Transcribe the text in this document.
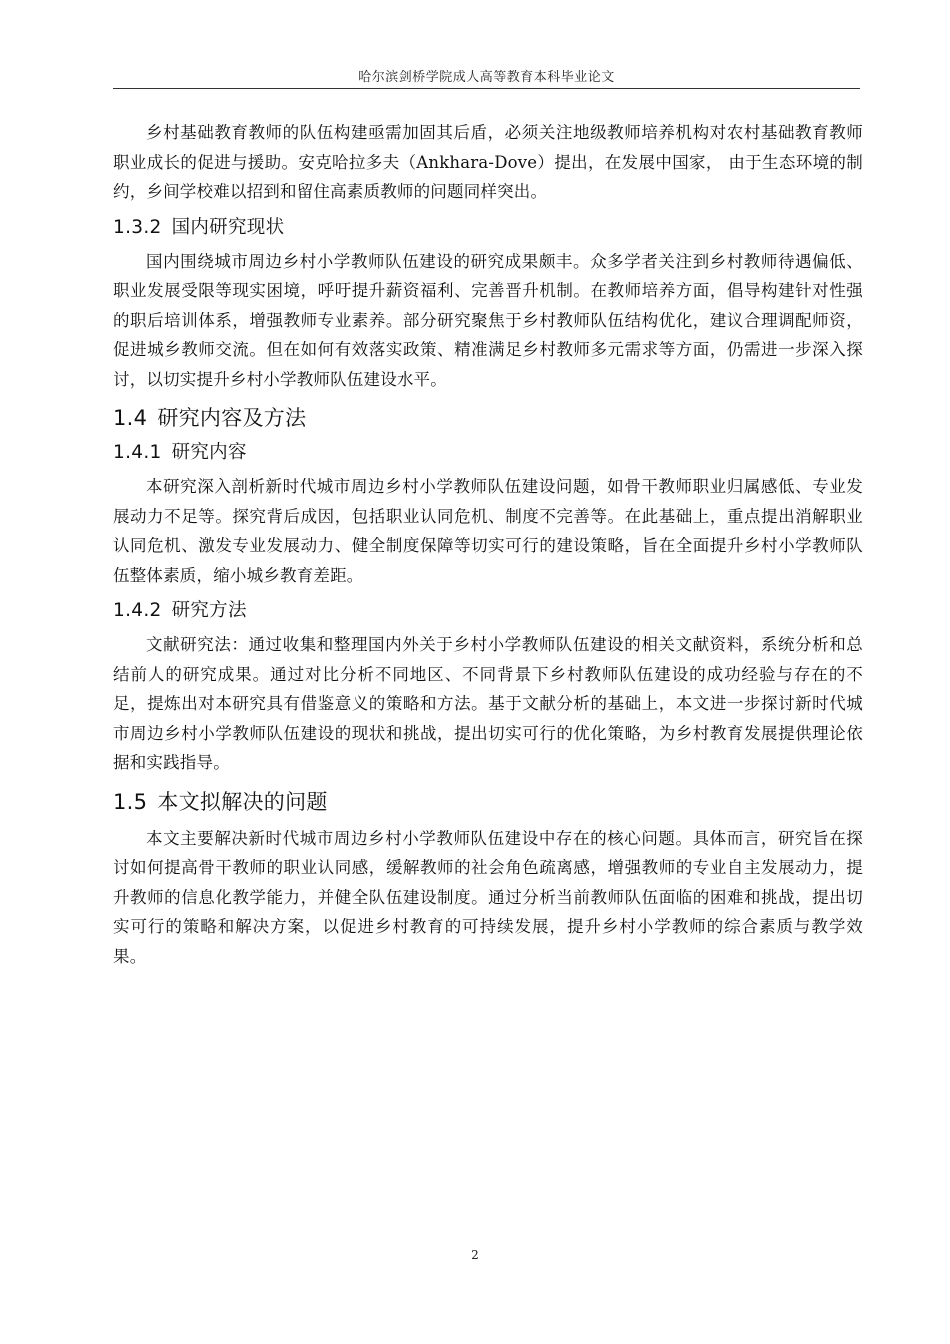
哈尔滨剑桥学院成人高等教育本科毕业论文

乡村基础教育教师的队伍构建亟需加固其后盾，必须关注地级教师培养机构对农村基础教育教师职业成长的促进与援助。安克哈拉多夫（Ankhara-Dove）提出，在发展中国家， 由于生态环境的制约，乡间学校难以招到和留住高素质教师的问题同样突出。

1.3.2 国内研究现状

国内围绕城市周边乡村小学教师队伍建设的研究成果颇丰。众多学者关注到乡村教师待遇偏低、职业发展受限等现实困境，呼吁提升薪资福利、完善晋升机制。在教师培养方面，倡导构建针对性强的职后培训体系，增强教师专业素养。部分研究聚焦于乡村教师队伍结构优化，建议合理调配师资，促进城乡教师交流。但在如何有效落实政策、精准满足乡村教师多元需求等方面，仍需进一步深入探讨，以切实提升乡村小学教师队伍建设水平。

1.4 研究内容及方法
1.4.1 研究内容

本研究深入剖析新时代城市周边乡村小学教师队伍建设问题，如骨干教师职业归属感低、专业发展动力不足等。探究背后成因，包括职业认同危机、制度不完善等。在此基础上，重点提出消解职业认同危机、激发专业发展动力、健全制度保障等切实可行的建设策略，旨在全面提升乡村小学教师队伍整体素质，缩小城乡教育差距。

1.4.2 研究方法

文献研究法：通过收集和整理国内外关于乡村小学教师队伍建设的相关文献资料，系统分析和总结前人的研究成果。通过对比分析不同地区、不同背景下乡村教师队伍建设的成功经验与存在的不足，提炼出对本研究具有借鉴意义的策略和方法。基于文献分析的基础上，本文进一步探讨新时代城市周边乡村小学教师队伍建设的现状和挑战，提出切实可行的优化策略，为乡村教育发展提供理论依据和实践指导。

1.5 本文拟解决的问题

本文主要解决新时代城市周边乡村小学教师队伍建设中存在的核心问题。具体而言，研究旨在探讨如何提高骨干教师的职业认同感，缓解教师的社会角色疏离感，增强教师的专业自主发展动力，提升教师的信息化教学能力，并健全队伍建设制度。通过分析当前教师队伍面临的困难和挑战，提出切实可行的策略和解决方案，以促进乡村教育的可持续发展，提升乡村小学教师的综合素质与教学效果。

2
